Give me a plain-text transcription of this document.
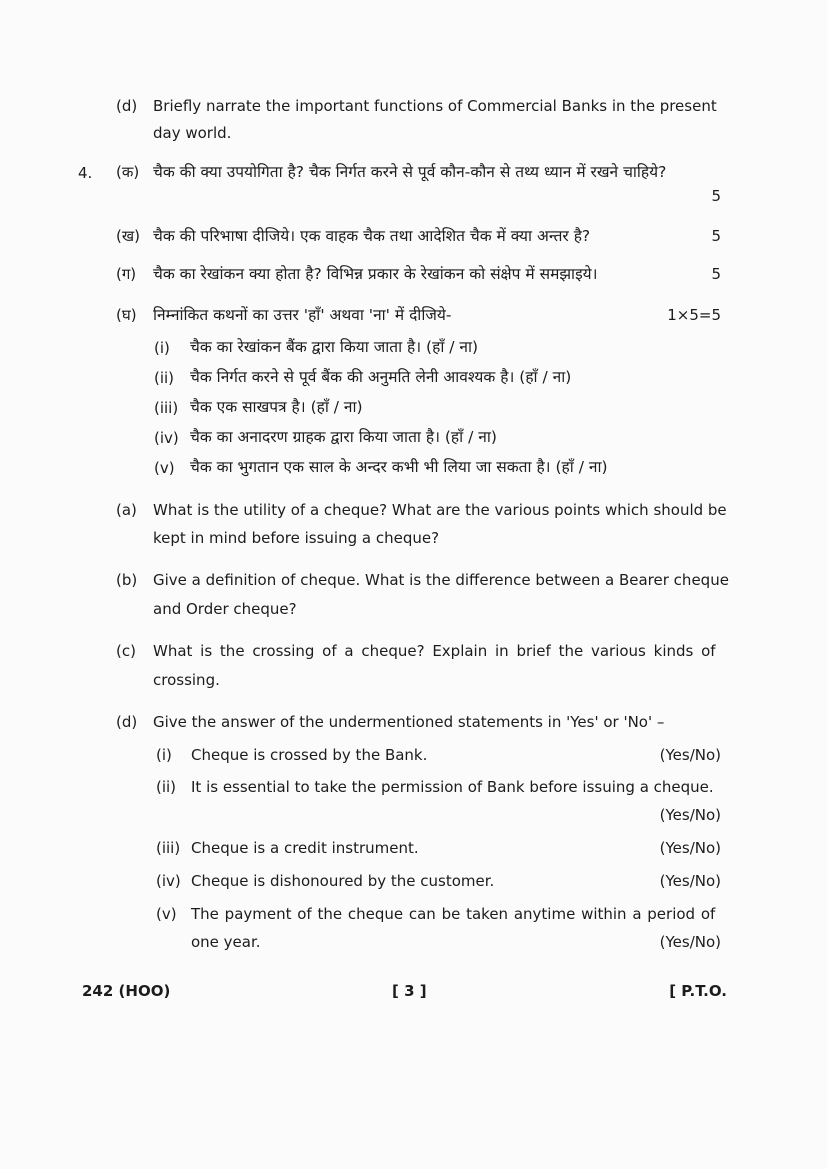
(d) Briefly narrate the important functions of Commercial Banks in the present
day world.
4. (क) चैक की क्या उपयोगिता है? चैक निर्गत करने से पूर्व कौन-कौन से तथ्य ध्यान में रखने चाहिये?
5
(ख) चैक की परिभाषा दीजिये। एक वाहक चैक तथा आदेशित चैक में क्या अन्तर है?	5
(ग) चैक का रेखांकन क्या होता है? विभिन्न प्रकार के रेखांकन को संक्षेप में समझाइये।	5
(घ) निम्नांकित कथनों का उत्तर 'हाँ' अथवा 'ना' में दीजिये-	1×5=5
(i) चैक का रेखांकन बैंक द्वारा किया जाता है। (हाँ / ना)
(ii) चैक निर्गत करने से पूर्व बैंक की अनुमति लेनी आवश्यक है। (हाँ / ना)
(iii) चैक एक साखपत्र है। (हाँ / ना)
(iv) चैक का अनादरण ग्राहक द्वारा किया जाता है। (हाँ / ना)
(v) चैक का भुगतान एक साल के अन्दर कभी भी लिया जा सकता है। (हाँ / ना)
(a) What is the utility of a cheque? What are the various points which should be
kept in mind before issuing a cheque?
(b) Give a definition of cheque. What is the difference between a Bearer cheque
and Order cheque?
(c) What is the crossing of a cheque? Explain in brief the various kinds of
crossing.
(d) Give the answer of the undermentioned statements in 'Yes' or 'No' –
(i) Cheque is crossed by the Bank.	(Yes/No)
(ii) It is essential to take the permission of Bank before issuing a cheque.
(Yes/No)
(iii) Cheque is a credit instrument.	(Yes/No)
(iv) Cheque is dishonoured by the customer.	(Yes/No)
(v) The payment of the cheque can be taken anytime within a period of
one year.	(Yes/No)
242 (HOO)	[ 3 ]	[ P.T.O.
